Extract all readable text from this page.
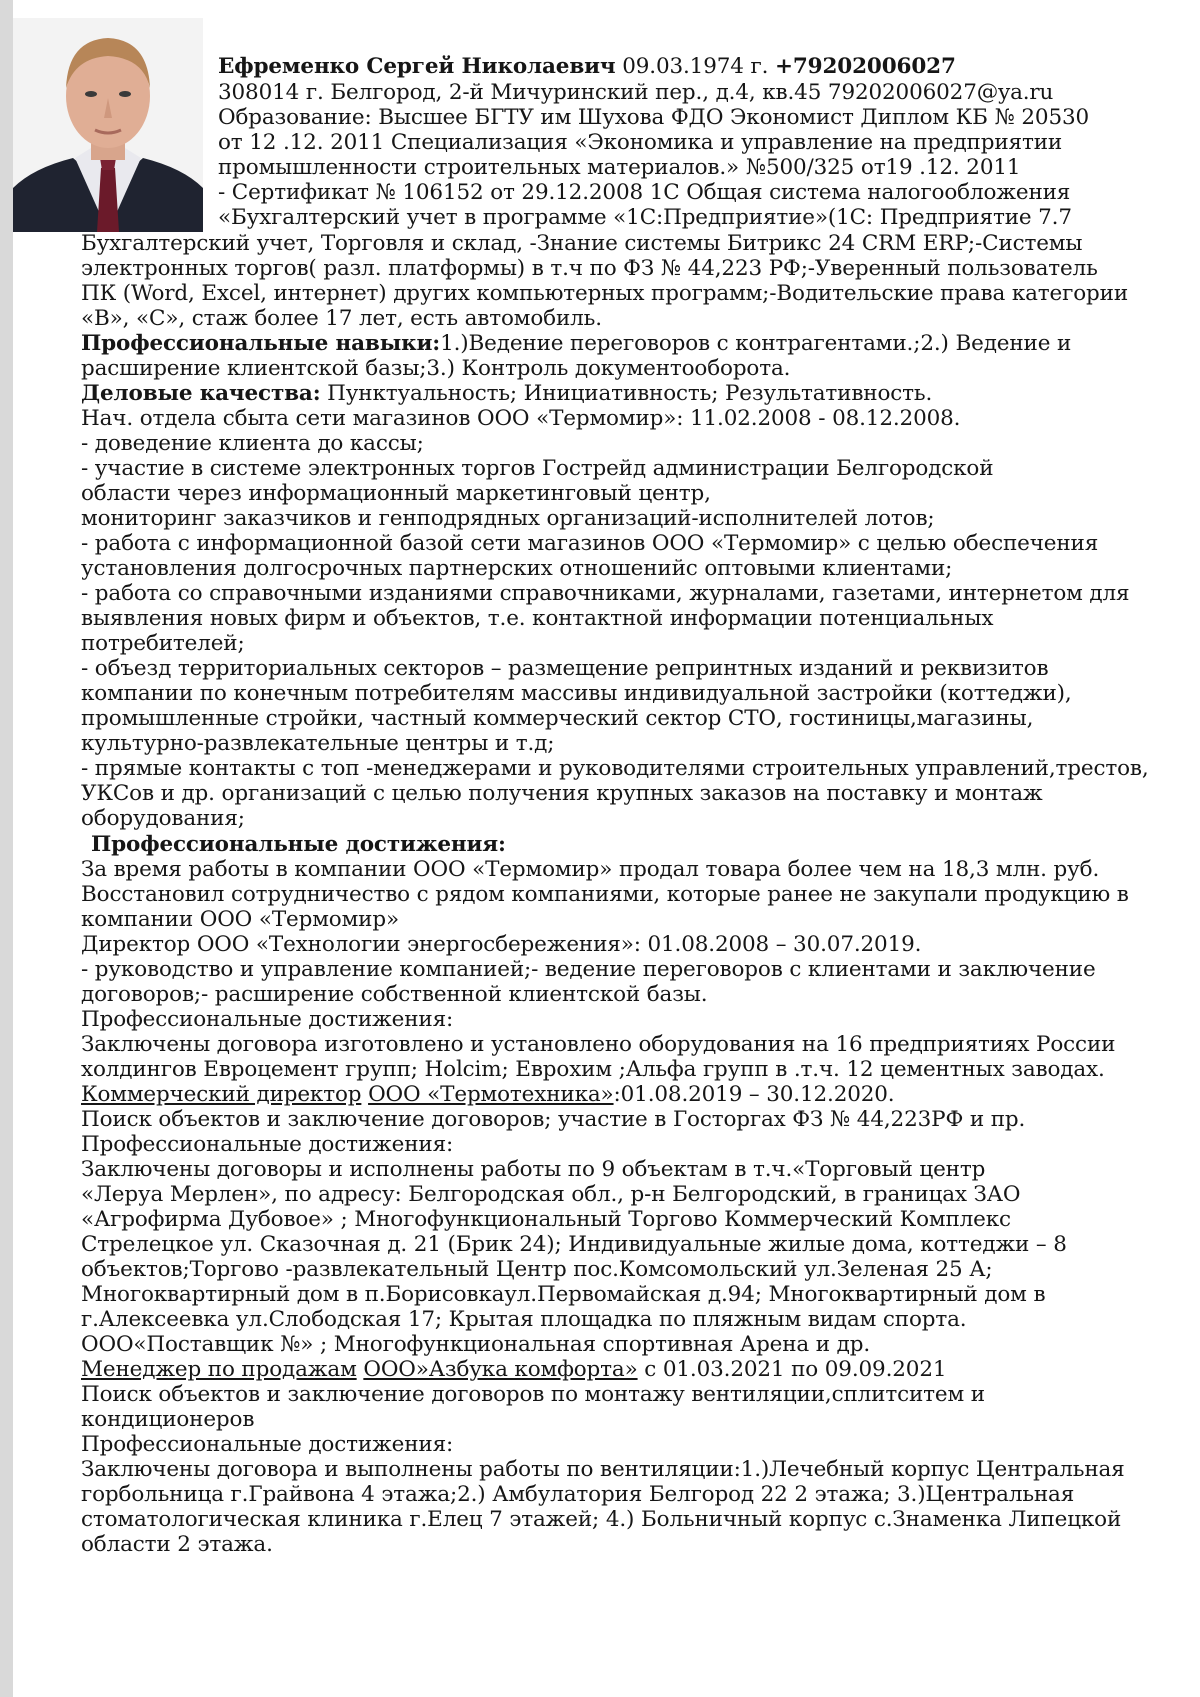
Ефременко Сергей Николаевич 09.03.1974 г. +79202006027
308014 г. Белгород, 2-й Мичуринский пер., д.4, кв.45 79202006027@ya.ru
Образование: Высшее БГТУ им Шухова ФДО Экономист Диплом КБ № 20530
от 12 .12. 2011 Специализация «Экономика и управление на предприятии
промышленности строительных материалов.» №500/325 от19 .12. 2011
- Сертификат № 106152 от 29.12.2008 1С Общая система налогообложения
«Бухгалтерский учет в программе «1С:Предприятие»(1С: Предприятие 7.7
Бухгалтерский учет, Торговля и склад, -Знание системы Битрикс 24 CRM ERP;-Системы
электронных торгов( разл. платформы) в т.ч по ФЗ № 44,223 РФ;-Уверенный пользователь
ПК (Word, Excel, интернет) других компьютерных программ;-Водительские права категории
«В», «С», стаж более 17 лет, есть автомобиль.
Профессиональные навыки:1.)Ведение переговоров с контрагентами.;2.) Ведение и
расширение клиентской базы;3.) Контроль документооборота.
Деловые качества: Пунктуальность; Инициативность; Результативность.
Нач. отдела сбыта сети магазинов ООО «Термомир»: 11.02.2008 - 08.12.2008.
- доведение клиента до кассы;
- участие в системе электронных торгов Гострейд администрации Белгородской
области через информационный маркетинговый центр,
мониторинг заказчиков и генподрядных организаций-исполнителей лотов;
- работа с информационной базой сети магазинов ООО «Термомир» с целью обеспечения
установления долгосрочных партнерских отношенийс оптовыми клиентами;
- работа со справочными изданиями справочниками, журналами, газетами, интернетом для
выявления новых фирм и объектов, т.е. контактной информации потенциальных
потребителей;
- объезд территориальных секторов – размещение репринтных изданий и реквизитов
компании по конечным потребителям массивы индивидуальной застройки (коттеджи),
промышленные стройки, частный коммерческий сектор СТО, гостиницы,магазины,
культурно-развлекательные центры и т.д;
- прямые контакты с топ -менеджерами и руководителями строительных управлений,трестов,
УКСов и др. организаций с целью получения крупных заказов на поставку и монтаж
оборудования;
Профессиональные достижения:
За время работы в компании ООО «Термомир» продал товара более чем на 18,3 млн. руб.
Восстановил сотрудничество с рядом компаниями, которые ранее не закупали продукцию в
компании ООО «Термомир»
Директор ООО «Технологии энергосбережения»: 01.08.2008 – 30.07.2019.
- руководство и управление компанией;- ведение переговоров с клиентами и заключение
договоров;- расширение собственной клиентской базы.
Профессиональные достижения:
Заключены договора изготовлено и установлено оборудования на 16 предприятиях России
холдингов Евроцемент групп; Holcim; Еврохим ;Альфа групп в .т.ч. 12 цементных заводах.
Коммерческий директор ООО «Термотехника»:01.08.2019 – 30.12.2020.
Поиск объектов и заключение договоров; участие в Госторгах ФЗ № 44,223РФ и пр.
Профессиональные достижения:
Заключены договоры и исполнены работы по 9 объектам в т.ч.«Торговый центр
«Леруа Мерлен», по адресу: Белгородская обл., р-н Белгородский, в границах ЗАО
«Агрофирма Дубовое» ; Многофункциональный Торгово Коммерческий Комплекс
Стрелецкое ул. Сказочная д. 21 (Брик 24); Индивидуальные жилые дома, коттеджи – 8
объектов;Торгово -развлекательный Центр пос.Комсомольский ул.Зеленая 25 А;
Многоквартирный дом в п.Борисовкаул.Первомайская д.94; Многоквартирный дом в
г.Алексеевка ул.Слободская 17; Крытая площадка по пляжным видам спорта.
ООО«Поставщик №» ; Многофункциональная спортивная Арена и др.
Менеджер по продажам ООО»Азбука комфорта» с 01.03.2021 по 09.09.2021
Поиск объектов и заключение договоров по монтажу вентиляции,сплитситем и
кондиционеров
Профессиональные достижения:
Заключены договора и выполнены работы по вентиляции:1.)Лечебный корпус Центральная
горбольница г.Грайвона 4 этажа;2.) Амбулатория Белгород 22 2 этажа; 3.)Центральная
стоматологическая клиника г.Елец 7 этажей; 4.) Больничный корпус с.Знаменка Липецкой
области 2 этажа.
